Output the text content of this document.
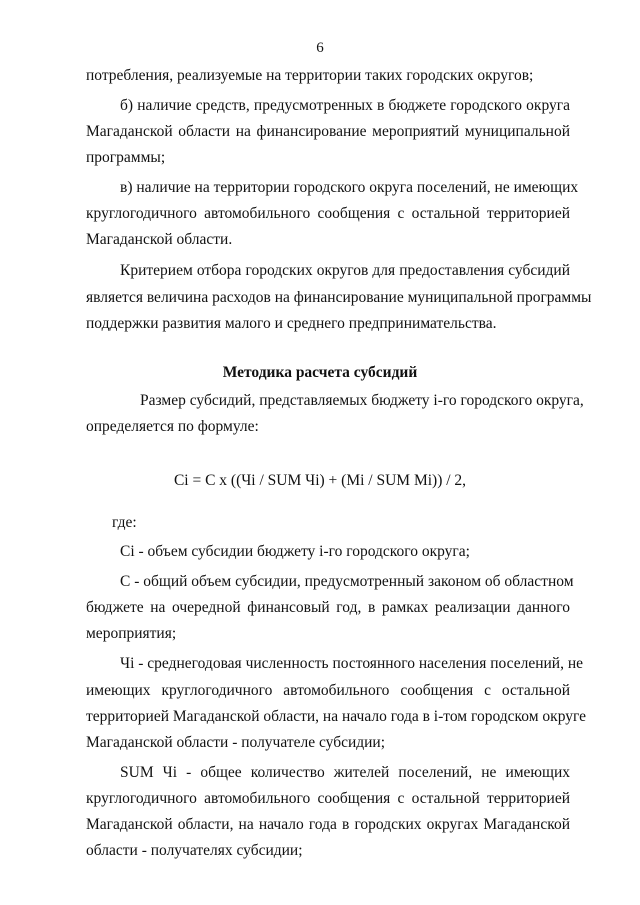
6
потребления, реализуемые на территории таких городских округов;
б) наличие средств, предусмотренных в бюджете городского округа
Магаданской области на финансирование мероприятий муниципальной
программы;
в) наличие на территории городского округа поселений, не имеющих
круглогодичного автомобильного сообщения с остальной территорией
Магаданской области.
Критерием отбора городских округов для предоставления субсидий
является величина расходов на финансирование муниципальной программы
поддержки развития малого и среднего предпринимательства.
Методика расчета субсидий
Размер субсидий, представляемых бюджету i-го городского округа,
определяется по формуле:
Ci = C x ((Чi / SUM Чi) + (Mi / SUM Mi)) / 2,
где:
Ci - объем субсидии бюджету i-го городского округа;
С - общий объем субсидии, предусмотренный законом об областном
бюджете на очередной финансовый год, в рамках реализации данного
мероприятия;
Чi - среднегодовая численность постоянного населения поселений, не
имеющих круглогодичного автомобильного сообщения с остальной
территорией Магаданской области, на начало года в i-том городском округе
Магаданской области - получателе субсидии;
SUM Чi - общее количество жителей поселений, не имеющих
круглогодичного автомобильного сообщения с остальной территорией
Магаданской области, на начало года в городских округах Магаданской
области - получателях субсидии;
